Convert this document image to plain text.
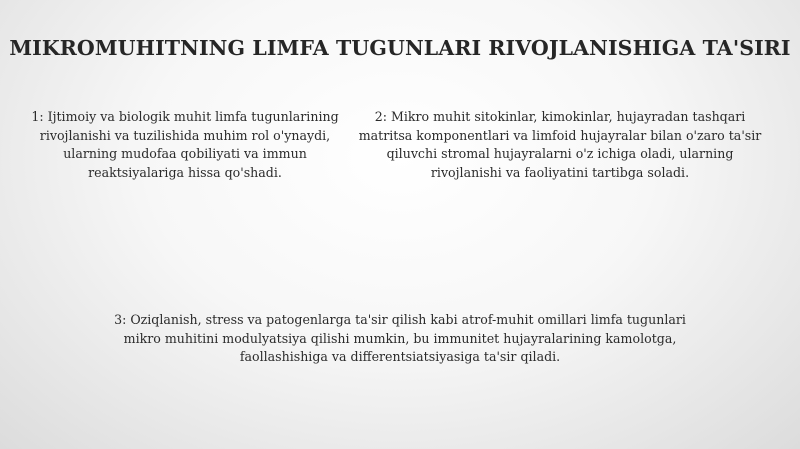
MIKROMUHITNING LIMFA TUGUNLARI RIVOJLANISHIGA TA'SIRI
1: Ijtimoiy va biologik muhit limfa tugunlarining rivojlanishi va tuzilishida muhim rol o'ynaydi, ularning mudofaa qobiliyati va immun reaktsiyalariga hissa qo'shadi.
2: Mikro muhit sitokinlar, kimokinlar, hujayradan tashqari matritsa komponentlari va limfoid hujayralar bilan o'zaro ta'sir qiluvchi stromal hujayralarni o'z ichiga oladi, ularning rivojlanishi va faoliyatini tartibga soladi.
3: Oziqlanish, stress va patogenlarga ta'sir qilish kabi atrof-muhit omillari limfa tugunlari mikro muhitini modulyatsiya qilishi mumkin, bu immunitet hujayralarining kamolotga, faollashishiga va differentsiatsiyasiga ta'sir qiladi.
